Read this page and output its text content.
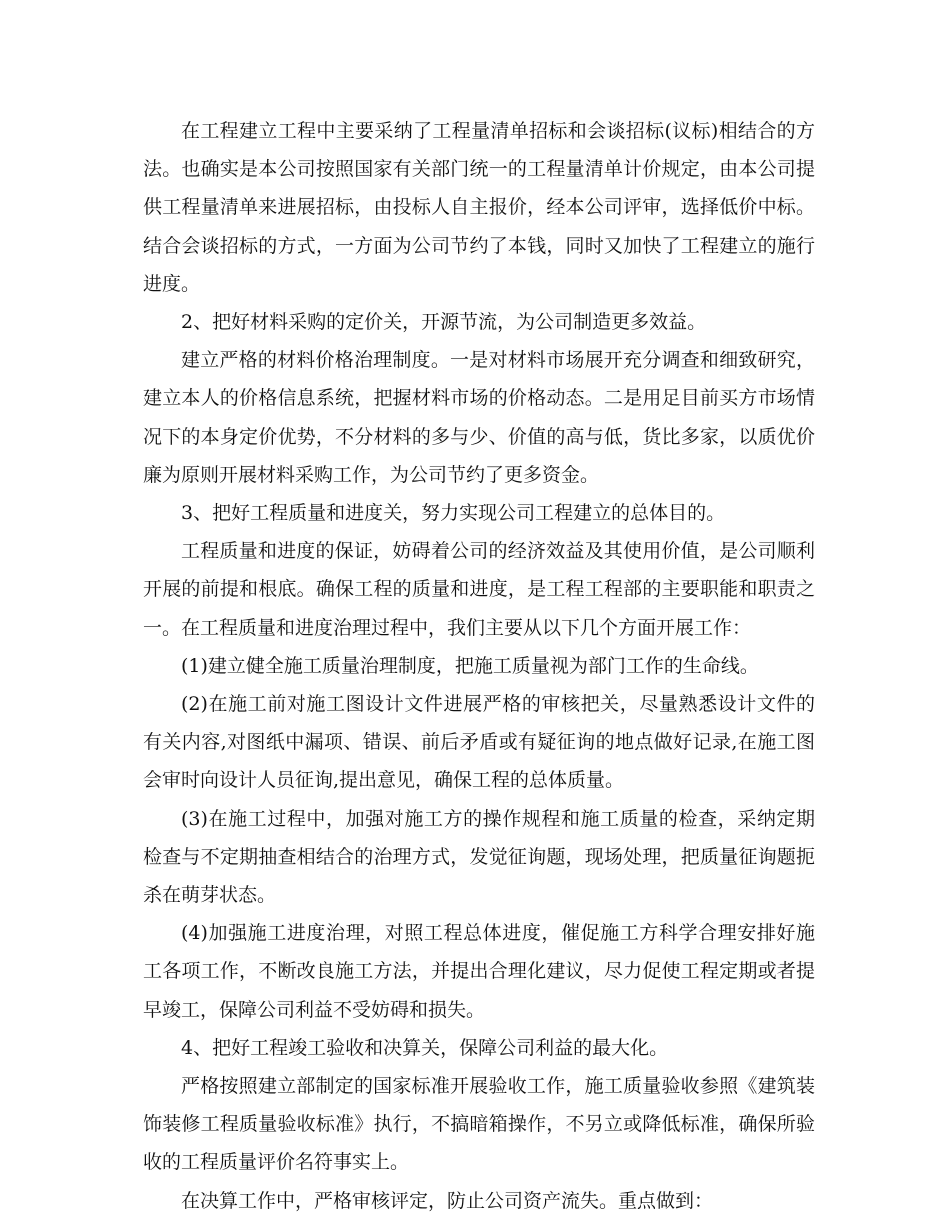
在工程建立工程中主要采纳了工程量清单招标和会谈招标(议标)相结合的方法。也确实是本公司按照国家有关部门统一的工程量清单计价规定，由本公司提供工程量清单来进展招标，由投标人自主报价，经本公司评审，选择低价中标。结合会谈招标的方式，一方面为公司节约了本钱，同时又加快了工程建立的施行进度。

2、把好材料采购的定价关，开源节流，为公司制造更多效益。

建立严格的材料价格治理制度。一是对材料市场展开充分调查和细致研究，建立本人的价格信息系统，把握材料市场的价格动态。二是用足目前买方市场情况下的本身定价优势，不分材料的多与少、价值的高与低，货比多家，以质优价廉为原则开展材料采购工作，为公司节约了更多资金。

3、把好工程质量和进度关，努力实现公司工程建立的总体目的。

工程质量和进度的保证，妨碍着公司的经济效益及其使用价值，是公司顺利开展的前提和根底。确保工程的质量和进度，是工程工程部的主要职能和职责之一。在工程质量和进度治理过程中，我们主要从以下几个方面开展工作：

(1)建立健全施工质量治理制度，把施工质量视为部门工作的生命线。

(2)在施工前对施工图设计文件进展严格的审核把关，尽量熟悉设计文件的有关内容,对图纸中漏项、错误、前后矛盾或有疑征询的地点做好记录,在施工图会审时向设计人员征询,提出意见，确保工程的总体质量。

(3)在施工过程中，加强对施工方的操作规程和施工质量的检查，采纳定期检查与不定期抽查相结合的治理方式，发觉征询题，现场处理，把质量征询题扼杀在萌芽状态。

(4)加强施工进度治理，对照工程总体进度，催促施工方科学合理安排好施工各项工作，不断改良施工方法，并提出合理化建议，尽力促使工程定期或者提早竣工，保障公司利益不受妨碍和损失。

4、把好工程竣工验收和决算关，保障公司利益的最大化。

严格按照建立部制定的国家标准开展验收工作，施工质量验收参照《建筑装饰装修工程质量验收标准》执行，不搞暗箱操作，不另立或降低标准，确保所验收的工程质量评价名符事实上。

在决算工作中，严格审核评定，防止公司资产流失。重点做到：
